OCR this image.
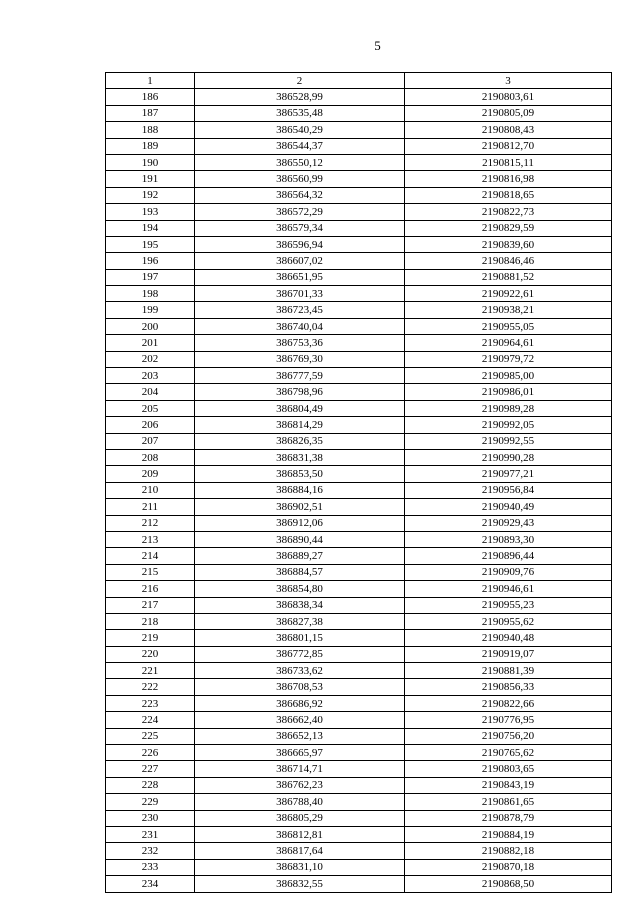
5
1	2	3
186	386528,99	2190803,61
187	386535,48	2190805,09
188	386540,29	2190808,43
189	386544,37	2190812,70
190	386550,12	2190815,11
191	386560,99	2190816,98
192	386564,32	2190818,65
193	386572,29	2190822,73
194	386579,34	2190829,59
195	386596,94	2190839,60
196	386607,02	2190846,46
197	386651,95	2190881,52
198	386701,33	2190922,61
199	386723,45	2190938,21
200	386740,04	2190955,05
201	386753,36	2190964,61
202	386769,30	2190979,72
203	386777,59	2190985,00
204	386798,96	2190986,01
205	386804,49	2190989,28
206	386814,29	2190992,05
207	386826,35	2190992,55
208	386831,38	2190990,28
209	386853,50	2190977,21
210	386884,16	2190956,84
211	386902,51	2190940,49
212	386912,06	2190929,43
213	386890,44	2190893,30
214	386889,27	2190896,44
215	386884,57	2190909,76
216	386854,80	2190946,61
217	386838,34	2190955,23
218	386827,38	2190955,62
219	386801,15	2190940,48
220	386772,85	2190919,07
221	386733,62	2190881,39
222	386708,53	2190856,33
223	386686,92	2190822,66
224	386662,40	2190776,95
225	386652,13	2190756,20
226	386665,97	2190765,62
227	386714,71	2190803,65
228	386762,23	2190843,19
229	386788,40	2190861,65
230	386805,29	2190878,79
231	386812,81	2190884,19
232	386817,64	2190882,18
233	386831,10	2190870,18
234	386832,55	2190868,50
